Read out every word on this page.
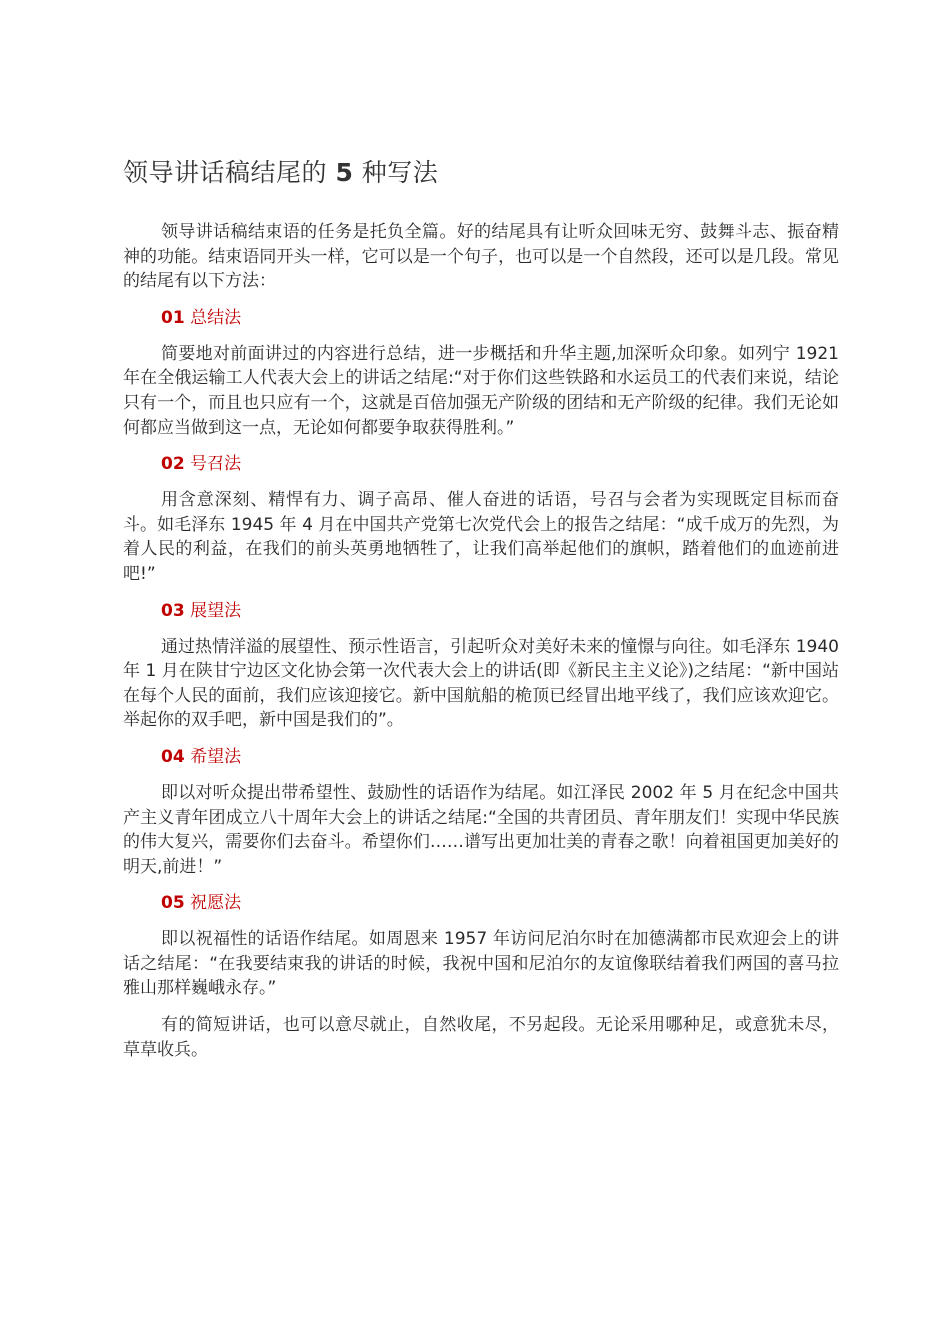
领导讲话稿结尾的 5 种写法

领导讲话稿结束语的任务是托负全篇。好的结尾具有让听众回味无穷、鼓舞斗志、振奋精神的功能。结束语同开头一样，它可以是一个句子，也可以是一个自然段，还可以是几段。常见的结尾有以下方法：

01 总结法

简要地对前面讲过的内容进行总结，进一步概括和升华主题,加深听众印象。如列宁 1921 年在全俄运输工人代表大会上的讲话之结尾:“对于你们这些铁路和水运员工的代表们来说，结论只有一个，而且也只应有一个，这就是百倍加强无产阶级的团结和无产阶级的纪律。我们无论如何都应当做到这一点，无论如何都要争取获得胜利。”

02 号召法

用含意深刻、精悍有力、调子高昂、催人奋进的话语，号召与会者为实现既定目标而奋斗。如毛泽东 1945 年 4 月在中国共产党第七次党代会上的报告之结尾：“成千成万的先烈，为着人民的利益，在我们的前头英勇地牺牲了，让我们高举起他们的旗帜，踏着他们的血迹前进吧!”

03 展望法

通过热情洋溢的展望性、预示性语言，引起听众对美好未来的憧憬与向往。如毛泽东 1940 年 1 月在陕甘宁边区文化协会第一次代表大会上的讲话(即《新民主主义论》)之结尾：“新中国站在每个人民的面前，我们应该迎接它。新中国航船的桅顶已经冒出地平线了，我们应该欢迎它。举起你的双手吧，新中国是我们的”。

04 希望法

即以对听众提出带希望性、鼓励性的话语作为结尾。如江泽民 2002 年 5 月在纪念中国共产主义青年团成立八十周年大会上的讲话之结尾:“全国的共青团员、青年朋友们！实现中华民族的伟大复兴，需要你们去奋斗。希望你们……谱写出更加壮美的青春之歌！向着祖国更加美好的明天,前进！”

05 祝愿法

即以祝福性的话语作结尾。如周恩来 1957 年访问尼泊尔时在加德满都市民欢迎会上的讲话之结尾：“在我要结束我的讲话的时候，我祝中国和尼泊尔的友谊像联结着我们两国的喜马拉雅山那样巍峨永存。”

有的简短讲话，也可以意尽就止，自然收尾，不另起段。无论采用哪种足，或意犹未尽，草草收兵。
